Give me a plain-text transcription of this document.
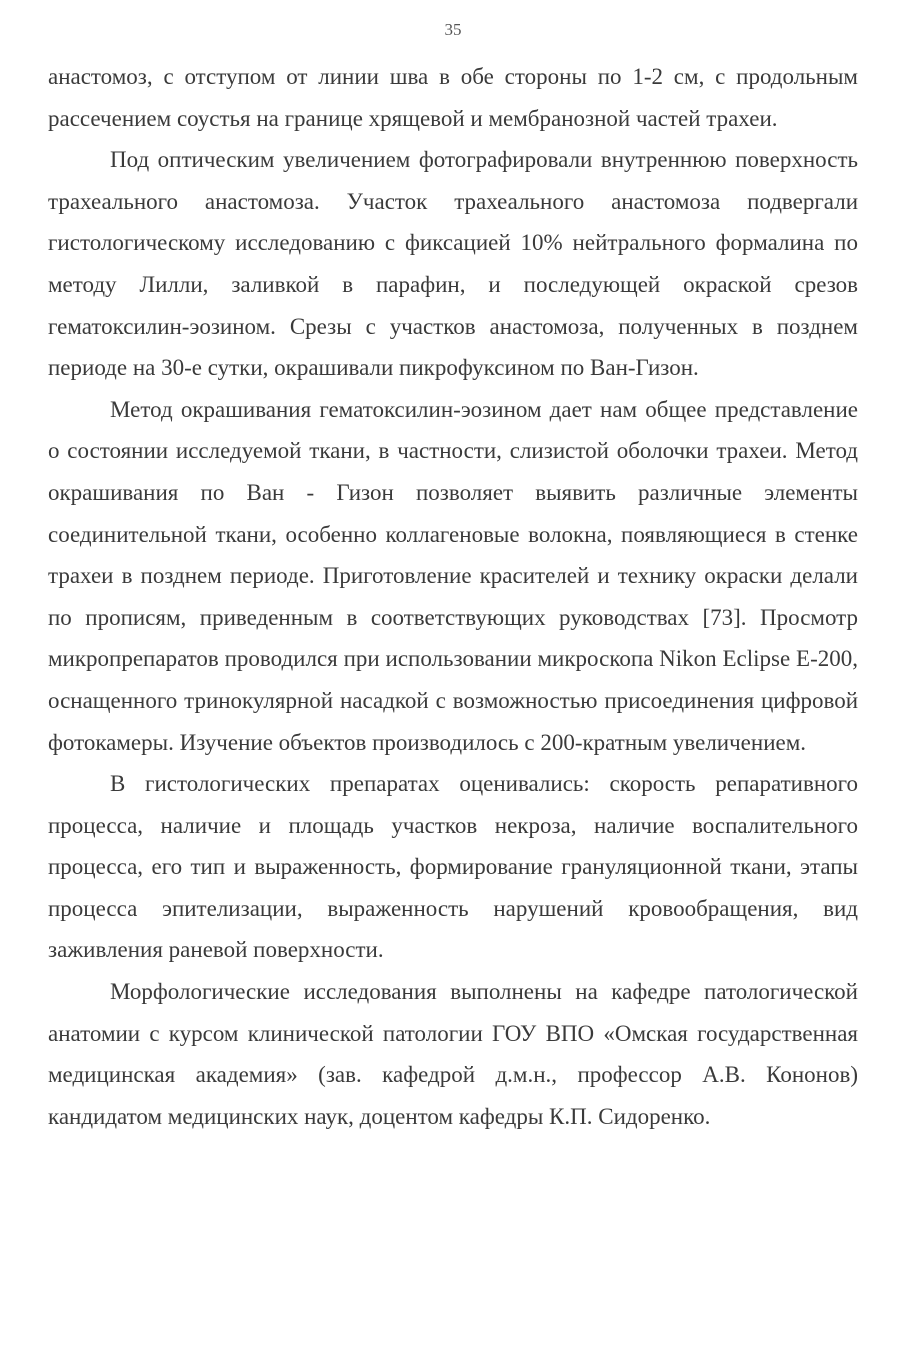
35

анастомоз, с отступом от линии шва в обе стороны по 1-2 см, с продольным рассечением соустья на границе хрящевой и мембранозной частей трахеи.

Под оптическим увеличением фотографировали внутреннюю поверхность трахеального анастомоза. Участок трахеального анастомоза подвергали гистологическому исследованию с фиксацией 10% нейтрального формалина по методу Лилли, заливкой в парафин, и последующей окраской срезов гематоксилин-эозином. Срезы с участков анастомоза, полученных в позднем периоде на 30-е сутки, окрашивали пикрофуксином по Ван-Гизон.

Метод окрашивания гематоксилин-эозином дает нам общее представление о состоянии исследуемой ткани, в частности, слизистой оболочки трахеи. Метод окрашивания по Ван - Гизон позволяет выявить различные элементы соединительной ткани, особенно коллагеновые волокна, появляющиеся в стенке трахеи в позднем периоде. Приготовление красителей и технику окраски делали по прописям, приведенным в соответствующих руководствах [73]. Просмотр микропрепаратов проводился при использовании микроскопа Nikon Eclipse E-200, оснащенного тринокулярной насадкой с возможностью присоединения цифровой фотокамеры. Изучение объектов производилось с 200-кратным увеличением.

В гистологических препаратах оценивались: скорость репаративного процесса, наличие и площадь участков некроза, наличие воспалительного процесса, его тип и выраженность, формирование грануляционной ткани, этапы процесса эпителизации, выраженность нарушений кровообращения, вид заживления раневой поверхности.

Морфологические исследования выполнены на кафедре патологической анатомии с курсом клинической патологии ГОУ ВПО «Омская государственная медицинская академия» (зав. кафедрой д.м.н., профессор А.В. Кононов) кандидатом медицинских наук, доцентом кафедры К.П. Сидоренко.
